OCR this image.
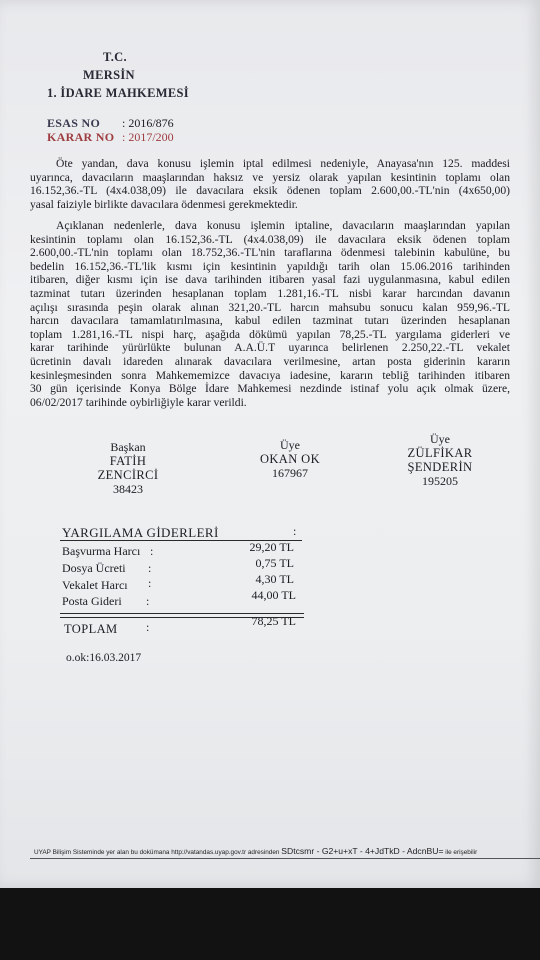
T.C.
MERSİN
1. İDARE MAHKEMESİ
ESAS NO : 2016/876
KARAR NO : 2017/200
Öte yandan, dava konusu işlemin iptal edilmesi nedeniyle, Anayasa'nın 125. maddesi
uyarınca, davacıların maaşlarından haksız ve yersiz olarak yapılan kesintinin toplamı olan
16.152,36.-TL (4x4.038,09) ile davacılara eksik ödenen toplam 2.600,00.-TL'nin (4x650,00)
yasal faiziyle birlikte davacılara ödenmesi gerekmektedir.
Açıklanan nedenlerle, dava konusu işlemin iptaline, davacıların maaşlarından yapılan
kesintinin toplamı olan 16.152,36.-TL (4x4.038,09) ile davacılara eksik ödenen toplam
2.600,00.-TL'nin toplamı olan 18.752,36.-TL'nin taraflarına ödenmesi talebinin kabulüne, bu
bedelin 16.152,36.-TL'lik kısmı için kesintinin yapıldığı tarih olan 15.06.2016 tarihinden
itibaren, diğer kısmı için ise dava tarihinden itibaren yasal fazi uygulanmasına, kabul edilen
tazminat tutarı üzerinden hesaplanan toplam 1.281,16.-TL nisbi karar harcından davanın
açılışı sırasında peşin olarak alınan 321,20.-TL harcın mahsubu sonucu kalan 959,96.-TL
harcın davacılara tamamlatırılmasına, kabul edilen tazminat tutarı üzerinden hesaplanan
toplam 1.281,16.-TL nispi harç, aşağıda dökümü yapılan 78,25.-TL yargılama giderleri ve
karar tarihinde yürürlükte bulunan A.A.Ü.T uyarınca belirlenen 2.250,22.-TL vekalet
ücretinin davalı idareden alınarak davacılara verilmesine, artan posta giderinin kararın
kesinleşmesinden sonra Mahkememizce davacıya iadesine, kararın tebliğ tarihinden itibaren
30 gün içerisinde Konya Bölge İdare Mahkemesi nezdinde istinaf yolu açık olmak üzere,
06/02/2017 tarihinde oybirliğiyle karar verildi.
Başkan
FATİH ZENCİRCİ
38423
Üye
OKAN OK
167967
Üye
ZÜLFİKAR ŞENDERİN
195205
YARGILAMA GİDERLERİ	:
Başvurma Harcı :	29,20 TL
Dosya Ücreti :	0,75 TL
Vekalet Harcı :	4,30 TL
Posta Gideri :	44,00 TL
TOPLAM :	78,25 TL
o.ok:16.03.2017
UYAP Bilişim Sisteminde yer alan bu dokümana http://vatandas.uyap.gov.tr adresinden SDtcsmr - G2+u+xT - 4+JdTkD - AdcnBU= ile erişebilir
